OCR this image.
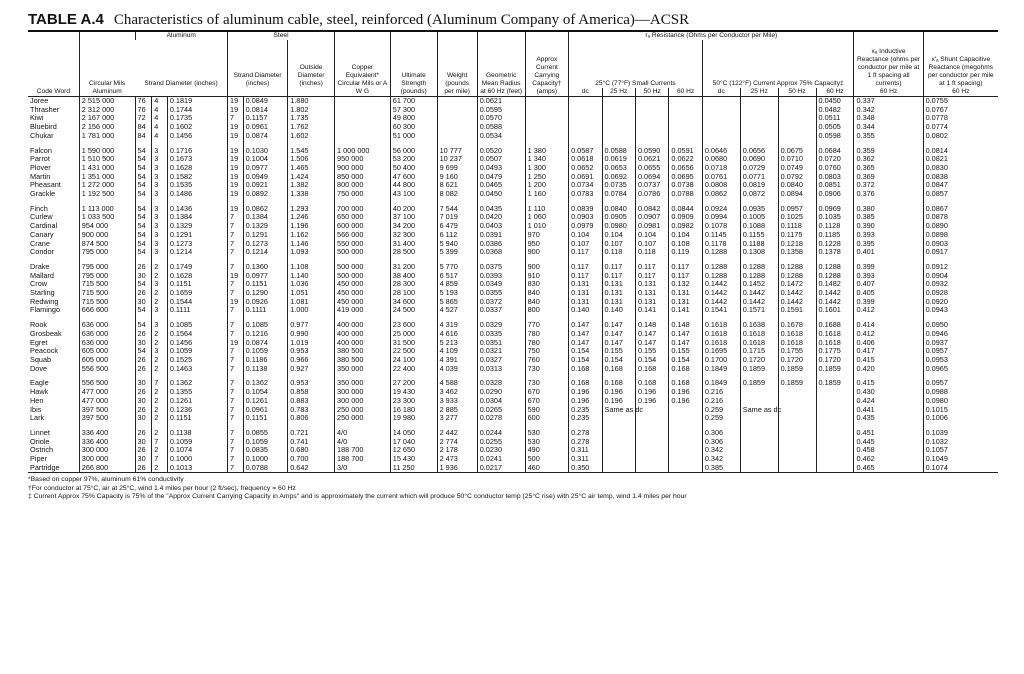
TABLE A.4 Characteristics of aluminum cable, steel, reinforced (Aluminum Company of America)—ACSR
Code Word	Circular Mils Aluminum	Aluminum			Steel			Copper Equivalent* Circular Mils or A W G	Ultimate Strength (pounds)	Weight (pounds per mile)	Geometric Mean Radius at 60 Hz (feet)	Approx Current Carrying Capacity† (amps)	rₐ Resistance (Ohms per Conductor per Mile)								xₐ Inductive Reactance (ohms per conductor per mile at 1 ft spacing all currents)	x′ₐ Shunt Capacitive Reactance (megohms per conductor per mile at 1 ft spacing)
		Strand Diameter (inches)			Strand Diameter (inches)		Outside Diameter (inches)						25°C (77°F) Small Currents				50°C (122°F) Current Approx 75% Capacity‡					
													dc	25 Hz	50 Hz	60 Hz	dc	25 Hz	50 Hz	60 Hz	60 Hz	60 Hz
Joree	2 515 000	76	4	0.1819	19	0.0849	1.880		61 700		0.0621									0.0450	0.337	0.0755
Thrasher	2 312 000	76	4	0.1744	19	0.0814	1.802		57 300		0.0595									0.0482	0.342	0.0767
Kiwi	2 167 000	72	4	0.1735	7	0.1157	1.735		49 800		0.0570									0.0511	0.348	0.0778
Bluebird	2 156 000	84	4	0.1602	19	0.0961	1.762		60 300		0.0588									0.0505	0.344	0.0774
Chukar	1 781 000	84	4	0.1456	19	0.0874	1.602		51 000		0.0534									0.0598	0.355	0.0802

Falcon	1 590 000	54	3	0.1716	19	0.1030	1.545	1 000 000	56 000	10 777	0.0520	1 380	0.0587	0.0588	0.0590	0.0591	0.0646	0.0656	0.0675	0.0684	0.359	0.0814
Parrot	1 510 500	54	3	0.1673	19	0.1004	1.506	950 000	53 200	10 237	0.0507	1 340	0.0618	0.0619	0.0621	0.0622	0.0680	0.0690	0.0710	0.0720	0.362	0.0821
Plover	1 431 000	54	3	0.1628	19	0.0977	1.465	900 000	50 400	9 699	0.0493	1 300	0.0652	0.0653	0.0655	0.0656	0.0718	0.0729	0.0749	0.0760	0.365	0.0830
Martin	1 351 000	54	3	0.1582	19	0.0949	1.424	850 000	47 600	9 160	0.0479	1 250	0.0691	0.0692	0.0694	0.0695	0.0761	0.0771	0.0792	0.0803	0.369	0.0838
Pheasant	1 272 000	54	3	0.1535	19	0.0921	1.382	800 000	44 800	8 621	0.0465	1 200	0.0734	0.0735	0.0737	0.0738	0.0808	0.0819	0.0840	0.0851	0.372	0.0847
Grackle	1 192 500	54	3	0.1486	19	0.0892	1.338	750 000	43 100	8 082	0.0450	1 160	0.0783	0.0784	0.0786	0.0788	0.0862	0.0872	0.0894	0.0906	0.376	0.0857

Finch	1 113 000	54	3	0.1436	19	0.0862	1.293	700 000	40 200	7 544	0.0435	1 110	0.0839	0.0840	0.0842	0.0844	0.0924	0.0935	0.0957	0.0969	0.380	0.0867
Curlew	1 033 500	54	3	0.1384	7	0.1384	1.246	650 000	37 100	7 019	0.0420	1 060	0.0903	0.0905	0.0907	0.0909	0.0994	0.1005	0.1025	0.1035	0.385	0.0878
Cardinal	954 000	54	3	0.1329	7	0.1329	1.196	600 000	34 200	6 479	0.0403	1 010	0.0979	0.0980	0.0981	0.0982	0.1078	0.1088	0.1118	0.1128	0.390	0.0890
Canary	900 000	54	3	0.1291	7	0.1291	1.162	566 000	32 300	6 112	0.0391	970	0.104	0.104	0.104	0.104	0.1145	0.1155	0.1175	0.1185	0.393	0.0898
Crane	874 500	54	3	0.1273	7	0.1273	1.146	550 000	31 400	5 940	0.0386	950	0.107	0.107	0.107	0.108	0.1178	0.1188	0.1218	0.1228	0.395	0.0903
Condor	795 000	54	3	0.1214	7	0.1214	1.093	500 000	28 500	5 399	0.0368	900	0.117	0.118	0.118	0.119	0.1288	0.1308	0.1358	0.1378	0.401	0.0917

Drake	795 000	26	2	0.1749	7	0.1360	1.108	500 000	31 200	5 770	0.0375	900	0.117	0.117	0.117	0.117	0.1288	0.1288	0.1288	0.1288	0.399	0.0912
Mallard	795 000	30	2	0.1628	19	0.0977	1.140	500 000	38 400	6 517	0.0393	910	0.117	0.117	0.117	0.117	0.1288	0.1288	0.1288	0.1288	0.393	0.0904
Crow	715 500	54	3	0.1151	7	0.1151	1.036	450 000	28 300	4 859	0.0349	830	0.131	0.131	0.131	0.132	0.1442	0.1452	0.1472	0.1482	0.407	0.0932
Starling	715 500	26	2	0.1659	7	0.1290	1.051	450 000	28 100	5 193	0.0355	840	0.131	0.131	0.131	0.131	0.1442	0.1442	0.1442	0.1442	0.405	0.0928
Redwing	715 500	30	2	0.1544	19	0.0926	1.081	450 000	34 600	5 865	0.0372	840	0.131	0.131	0.131	0.131	0.1442	0.1442	0.1442	0.1442	0.399	0.0920
Flamingo	666 600	54	3	0.1111	7	0.1111	1.000	419 000	24 500	4 527	0.0337	800	0.140	0.140	0.141	0.141	0.1541	0.1571	0.1591	0.1601	0.412	0.0943

Rook	636 000	54	3	0.1085	7	0.1085	0.977	400 000	23 600	4 319	0.0329	770	0.147	0.147	0.148	0.148	0.1618	0.1638	0.1678	0.1688	0.414	0.0950
Grosbeak	636 000	26	2	0.1564	7	0.1216	0.990	400 000	25 000	4 616	0.0335	780	0.147	0.147	0.147	0.147	0.1618	0.1618	0.1618	0.1618	0.412	0.0946
Egret	636 000	30	2	0.1456	19	0.0874	1.019	400 000	31 500	5 213	0.0351	780	0.147	0.147	0.147	0.147	0.1618	0.1618	0.1618	0.1618	0.406	0.0937
Peacock	605 000	54	3	0.1059	7	0.1059	0.953	380 500	22 500	4 109	0.0321	750	0.154	0.155	0.155	0.155	0.1695	0.1715	0.1755	0.1775	0.417	0.0957
Squab	605 000	26	2	0.1525	7	0.1186	0.966	380 500	24 100	4 391	0.0327	760	0.154	0.154	0.154	0.154	0.1700	0.1720	0.1720	0.1720	0.415	0.0953
Dove	556 500	26	2	0.1463	7	0.1138	0.927	350 000	22 400	4 039	0.0313	730	0.168	0.168	0.168	0.168	0.1849	0.1859	0.1859	0.1859	0.420	0.0965

Eagle	556 500	30	7	0.1362	7	0.1362	0.953	350 000	27 200	4 588	0.0328	730	0.168	0.168	0.168	0.168	0.1849	0.1859	0.1859	0.1859	0.415	0.0957
Hawk	477 000	26	2	0.1355	7	0.1054	0.858	300 000	19 430	3 462	0.0290	670	0.196	0.196	0.196	0.196	0.216				0.430	0.0988
Hen	477 000	30	2	0.1261	7	0.1261	0.883	300 000	23 300	3 933	0.0304	670	0.196	0.196	0.196	0.196	0.216				0.424	0.0980
Ibis	397 500	26	2	0.1236	7	0.0961	0.783	250 000	16 180	2 885	0.0265	590	0.235	Same as dc			0.259	Same as dc			0.441	0.1015
Lark	397 500	30	2	0.1151	7	0.1151	0.806	250 000	19 980	3 277	0.0278	600	0.235				0.259				0.435	0.1006

Linnet	336 400	26	2	0.1138	7	0.0855	0.721	4/0	14 050	2 442	0.0244	530	0.278				0.306				0.451	0.1039
Oriole	336 400	30	7	0.1059	7	0.1059	0.741	4/0	17 040	2 774	0.0255	530	0.278				0.306				0.445	0.1032
Ostrich	300 000	26	2	0.1074	7	0.0835	0.680	188 700	12 650	2 178	0.0230	490	0.311				0.342				0.458	0.1057
Piper	300 000	30	7	0.1000	7	0.1000	0.700	188 700	15 430	2 473	0.0241	500	0.311				0.342				0.462	0.1049
Partridge	266 800	26	2	0.1013	7	0.0788	0.642	3/0	11 250	1 936	0.0217	460	0.350				0.385				0.465	0.1074
*Based on copper 97%, aluminum 61% conductivity
†For conductor at 75°C, air at 25°C, wind 1.4 miles per hour (2 ft/sec), frequency = 60 Hz
‡ Current Approx 75% Capacity is 75% of the "Approx Current Carrying Capacity in Amps" and is approximately the current which will produce 50°C conductor temp (25°C rise) with 25°C air temp, wind 1.4 miles per hour
